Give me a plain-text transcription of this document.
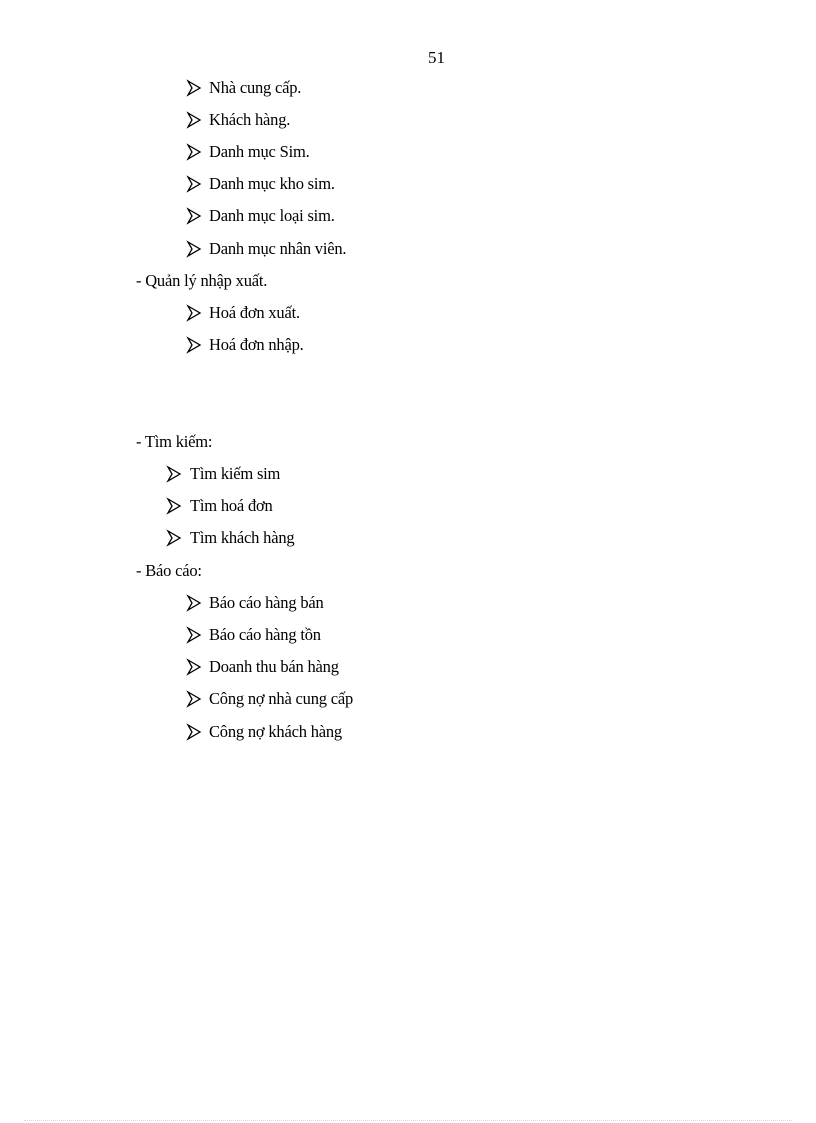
51
Nhà cung cấp.
Khách hàng.
Danh mục Sim.
Danh mục kho sim.
Danh mục loại sim.
Danh mục nhân viên.
- Quản lý nhập xuất.
Hoá đơn xuất.
Hoá đơn nhập.
- Tìm kiếm:
Tìm kiếm sim
Tìm hoá đơn
Tìm khách hàng
- Báo cáo:
Báo cáo hàng bán
Báo cáo hàng tồn
Doanh thu bán hàng
Công nợ nhà cung cấp
Công nợ khách hàng
